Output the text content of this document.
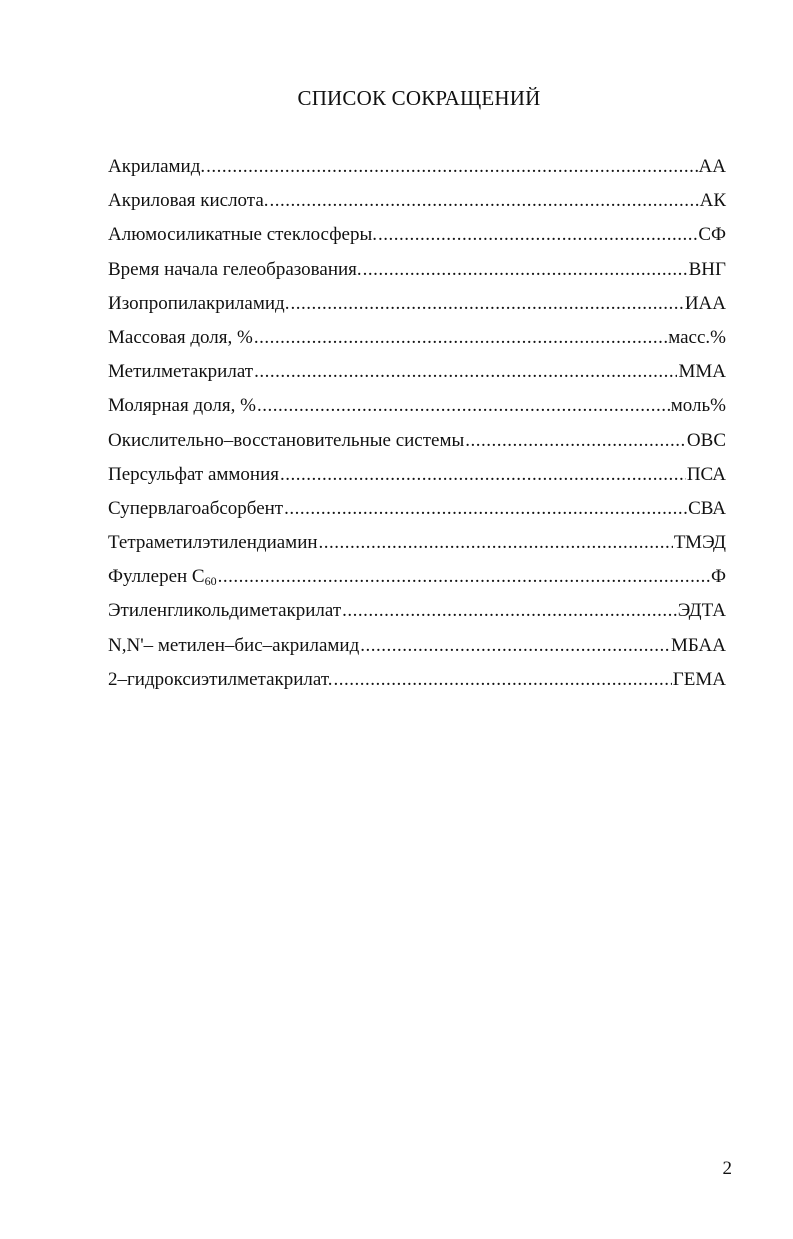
СПИСОК СОКРАЩЕНИЙ
Акриламид. .....	АА
Акриловая кислота. .....	АК
Алюмосиликатные стеклосферы. .....	СФ
Время начала гелеобразования. .....	ВНГ
Изопропилакриламид. .....	ИАА
Массовая доля, % .....	масс.%
Метилметакрилат .....	ММА
Молярная доля, % .....	моль%
Окислительно–восстановительные системы .....	ОВС
Персульфат аммония .....	ПСА
Супервлагоабсорбент .....	СВА
Тетраметилэтилендиамин .....	ТМЭД
Фуллерен $С_{60}$ .....	Ф
Этиленгликольдиметакрилат .....	ЭДТА
N,N'– метилен–бис–акриламид .....	МБАА
2–гидроксиэтилметакрилат. .....	ГЕМА
2
